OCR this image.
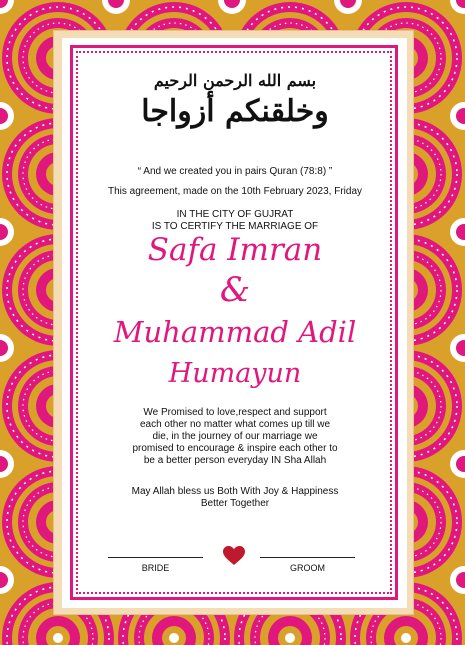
بسم الله الرحمن الرحيم
وخلقنكم أزواجا
“ And we created you in pairs Quran (78:8) ”
This agreement, made on the 10th February 2023, Friday
IN THE CITY OF GUJRAT
IS TO CERTIFY THE MARRIAGE OF
Safa Imran
&
Muhammad Adil
Humayun
We Promised to love,respect and support
each other no matter what comes up till we
die, in the journey of our marriage we
promised to encourage & inspire each other to
be a better person everyday IN Sha Allah
May Allah bless us Both With Joy & Happiness
Better Together
BRIDE	GROOM
